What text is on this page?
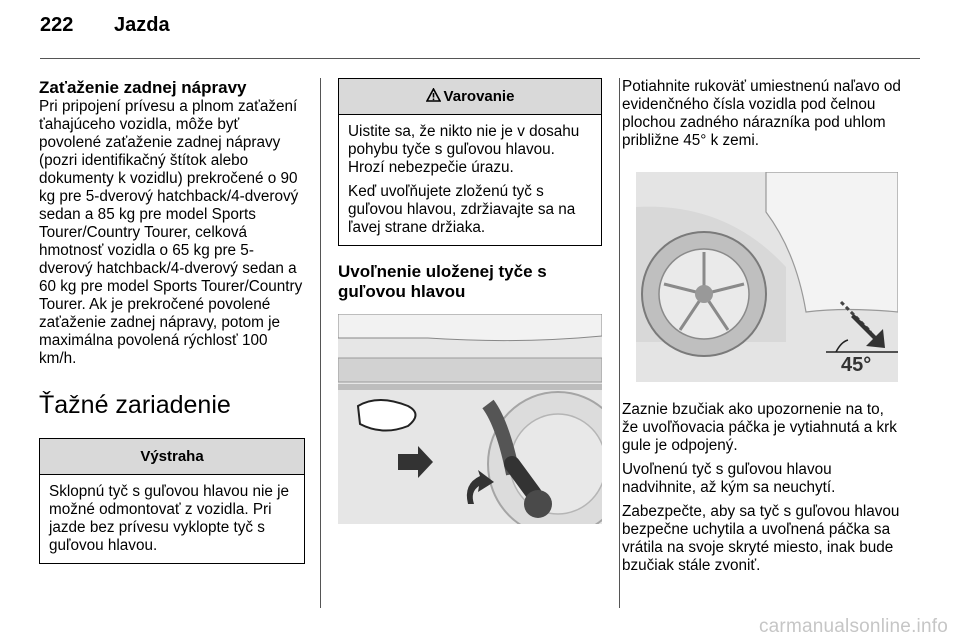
222 Jazda
Zaťaženie zadnej nápravy

Pri pripojení prívesu a plnom zaťažení ťahajúceho vozidla, môže byť povolené zaťaženie zadnej nápravy (pozri identifikačný štítok alebo dokumenty k vozidlu) prekročené o 90 kg pre 5-dverový hatchback/4-dverový sedan a 85 kg pre model Sports Tourer/Country Tourer, celková hmotnosť vozidla o 65 kg pre 5-dverový hatchback/4-dverový sedan a 60 kg pre model Sports Tourer/Country Tourer. Ak je prekročené povolené zaťaženie zadnej nápravy, potom je maximálna povolená rýchlosť 100 km/h.

Ťažné zariadenie
Výstraha
Sklopnú tyč s guľovou hlavou nie je možné odmontovať z vozidla. Pri jazde bez prívesu vyklopte tyč s guľovou hlavou.
Varovanie

Uistite sa, že nikto nie je v dosahu pohybu tyče s guľovou hlavou. Hrozí nebezpečie úrazu.

Keď uvoľňujete zloženú tyč s guľovou hlavou, zdržiavajte sa na ľavej strane držiaka.

Uvoľnenie uloženej tyče s guľovou hlavou

Potiahnite rukoväť umiestnenú naľavo od evidenčného čísla vozidla pod čelnou plochou zadného nárazníka pod uhlom približne 45° k zemi.

45°

Zaznie bzučiak ako upozornenie na to, že uvoľňovacia páčka je vytiahnutá a krk gule je odpojený.

Uvoľnenú tyč s guľovou hlavou nadvihnite, až kým sa neuchytí.

Zabezpečte, aby sa tyč s guľovou hlavou bezpečne uchytila a uvoľnená páčka sa vrátila na svoje skryté miesto, inak bude bzučiak stále zvoniť.

carmanualsonline.info
